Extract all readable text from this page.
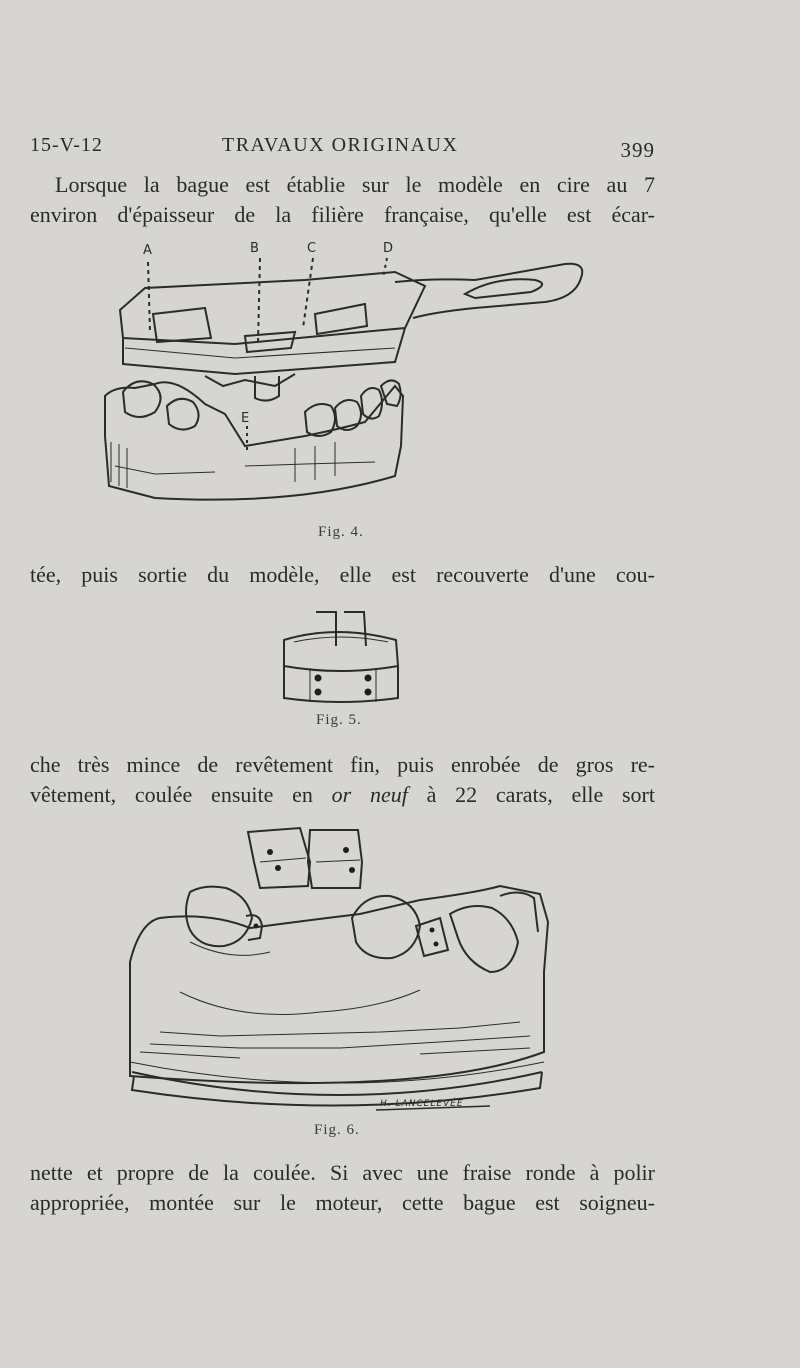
15-V-12	TRAVAUX ORIGINAUX	399
Lorsque la bague est établie sur le modèle en cire au 7
environ d'épaisseur de la filière française, qu'elle est écar-
A	B	C	D
E
Fig. 4.
tée, puis sortie du modèle, elle est recouverte d'une cou-
Fig. 5.
che très mince de revêtement fin, puis enrobée de gros re-
vêtement, coulée ensuite en or neuf à 22 carats, elle sort
H. LANCELEVÉE
Fig. 6.
nette et propre de la coulée. Si avec une fraise ronde à polir
appropriée, montée sur le moteur, cette bague est soigneu-
